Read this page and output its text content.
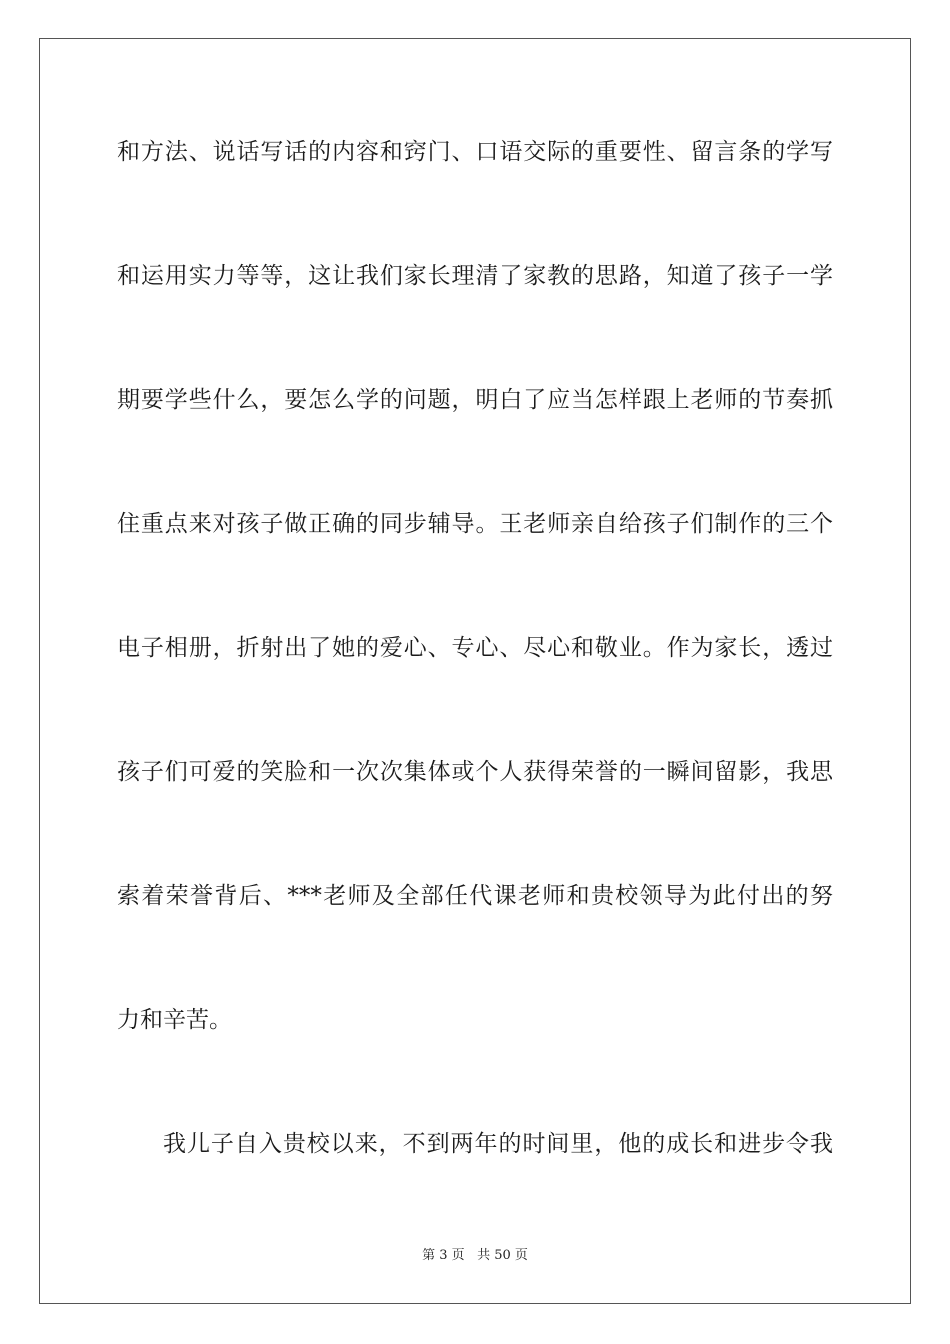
和方法、说话写话的内容和窍门、口语交际的重要性、留言条的学写
和运用实力等等，这让我们家长理清了家教的思路，知道了孩子一学
期要学些什么，要怎么学的问题，明白了应当怎样跟上老师的节奏抓
住重点来对孩子做正确的同步辅导。王老师亲自给孩子们制作的三个
电子相册，折射出了她的爱心、专心、尽心和敬业。作为家长，透过
孩子们可爱的笑脸和一次次集体或个人获得荣誉的一瞬间留影，我思
索着荣誉背后、***老师及全部任代课老师和贵校领导为此付出的努
力和辛苦。
我儿子自入贵校以来，不到两年的时间里，他的成长和进步令我
第 3 页 共 50 页
